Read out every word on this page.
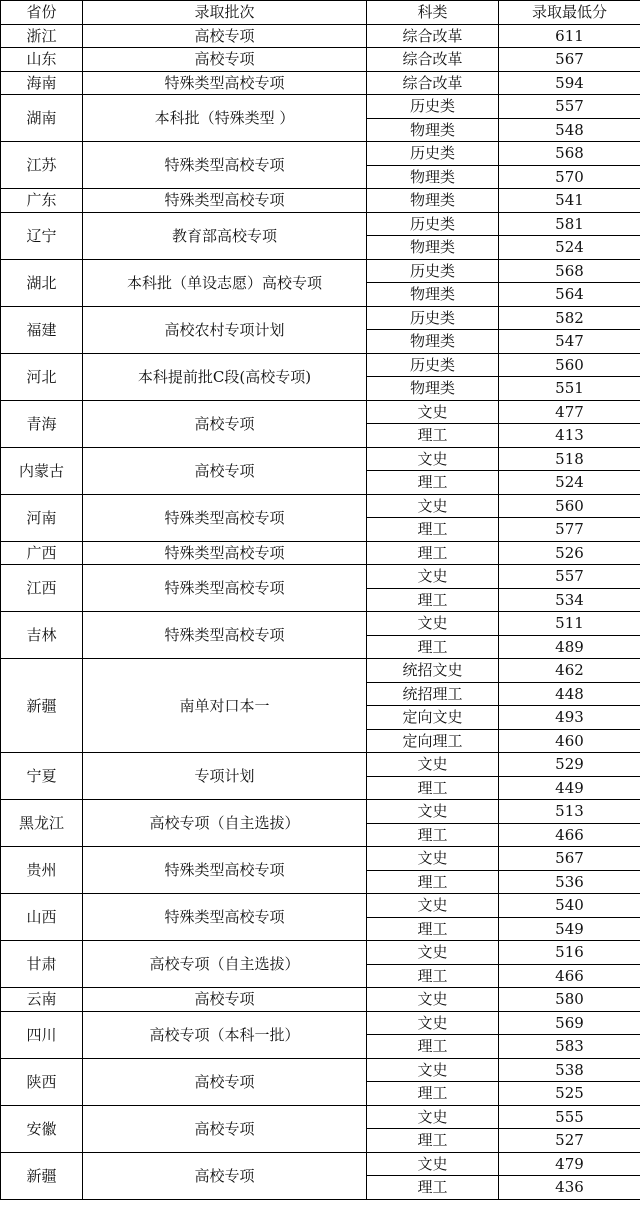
省份	录取批次	科类	录取最低分
浙江	高校专项	综合改革	611
山东	高校专项	综合改革	567
海南	特殊类型高校专项	综合改革	594
湖南	本科批（特殊类型 ）	历史类	557
		物理类	548
江苏	特殊类型高校专项	历史类	568
		物理类	570
广东	特殊类型高校专项	物理类	541
辽宁	教育部高校专项	历史类	581
		物理类	524
湖北	本科批（单设志愿）高校专项	历史类	568
		物理类	564
福建	高校农村专项计划	历史类	582
		物理类	547
河北	本科提前批C段(高校专项)	历史类	560
		物理类	551
青海	高校专项	文史	477
		理工	413
内蒙古	高校专项	文史	518
		理工	524
河南	特殊类型高校专项	文史	560
		理工	577
广西	特殊类型高校专项	理工	526
江西	特殊类型高校专项	文史	557
		理工	534
吉林	特殊类型高校专项	文史	511
		理工	489
新疆	南单对口本一	统招文史	462
		统招理工	448
		定向文史	493
		定向理工	460
宁夏	专项计划	文史	529
		理工	449
黑龙江	高校专项（自主选拔）	文史	513
		理工	466
贵州	特殊类型高校专项	文史	567
		理工	536
山西	特殊类型高校专项	文史	540
		理工	549
甘肃	高校专项（自主选拔）	文史	516
		理工	466
云南	高校专项	文史	580
四川	高校专项（本科一批）	文史	569
		理工	583
陕西	高校专项	文史	538
		理工	525
安徽	高校专项	文史	555
		理工	527
新疆	高校专项	文史	479
		理工	436
